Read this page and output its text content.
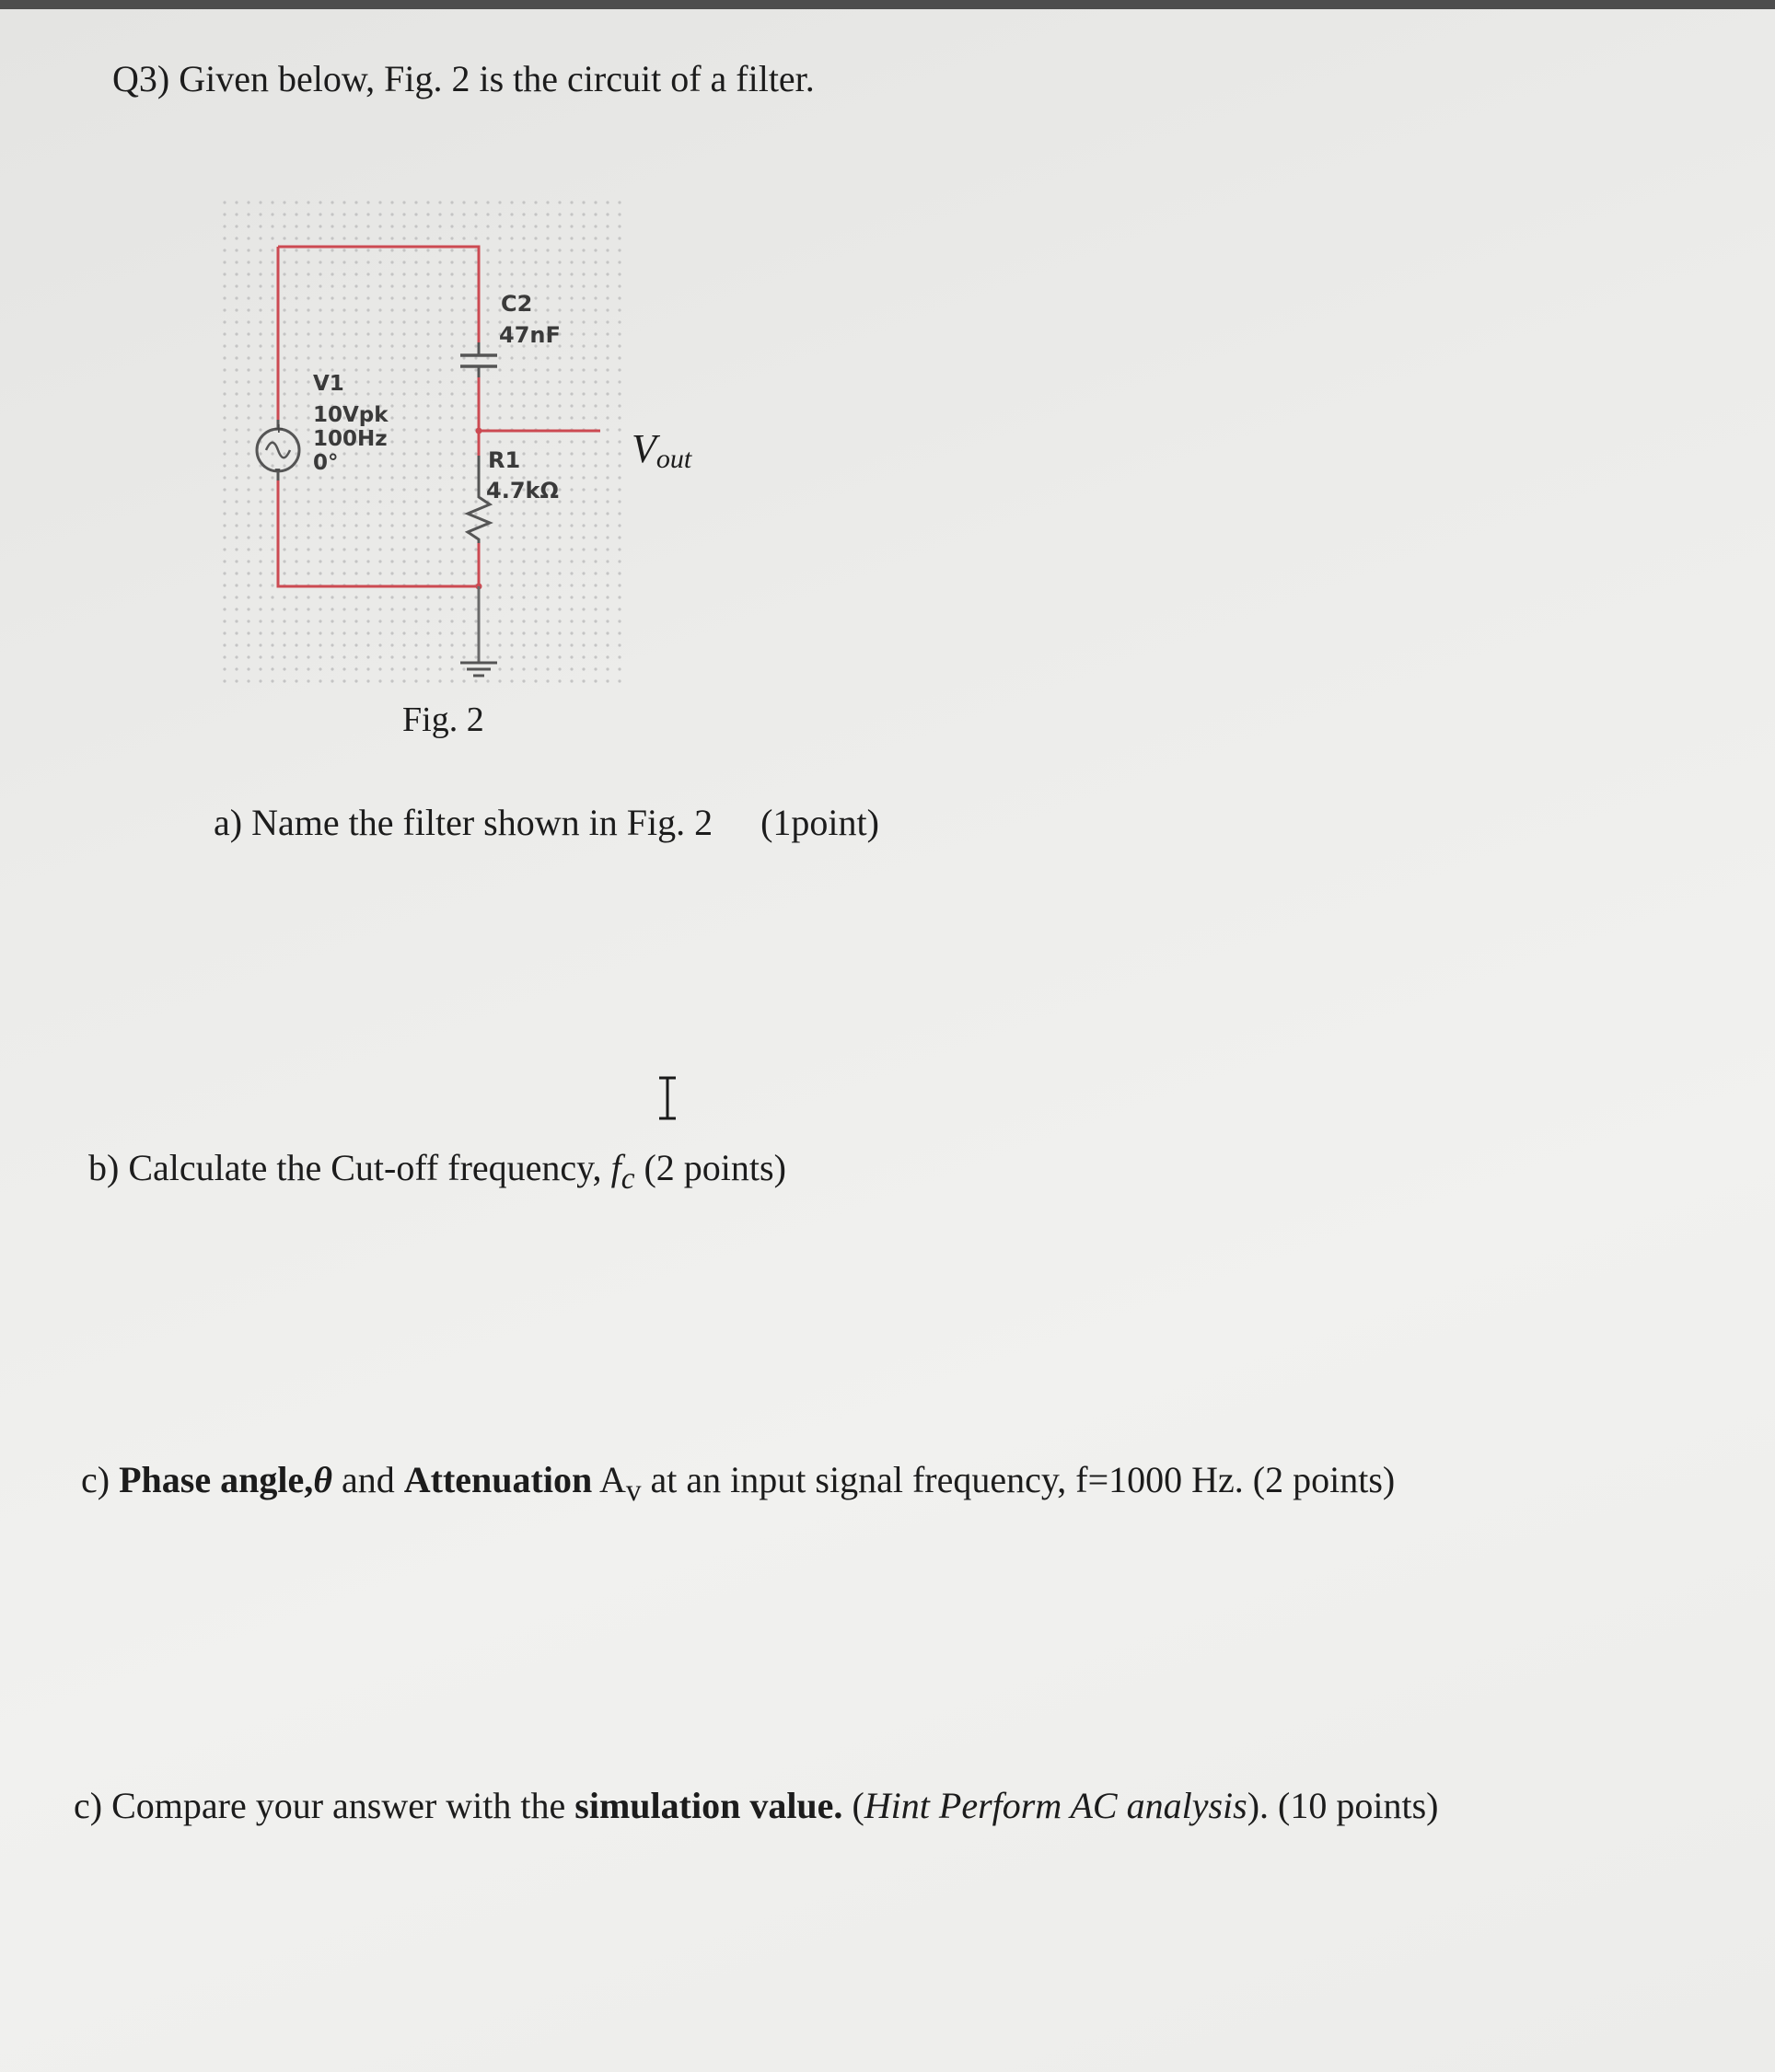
Q3) Given below, Fig. 2 is the circuit of a filter.
+
–
V1
10Vpk
100Hz
0°
C2
47nF
R1
4.7kΩ
Vout
Fig. 2
a) Name the filter shown in Fig. 2 (1point)
b) Calculate the Cut-off frequency, $f_c$ (2 points)
c) Phase angle,θ and Attenuation $A_v$ at an input signal frequency, f=1000 Hz. (2 points)
c) Compare your answer with the simulation value. (Hint Perform AC analysis). (10 points)
